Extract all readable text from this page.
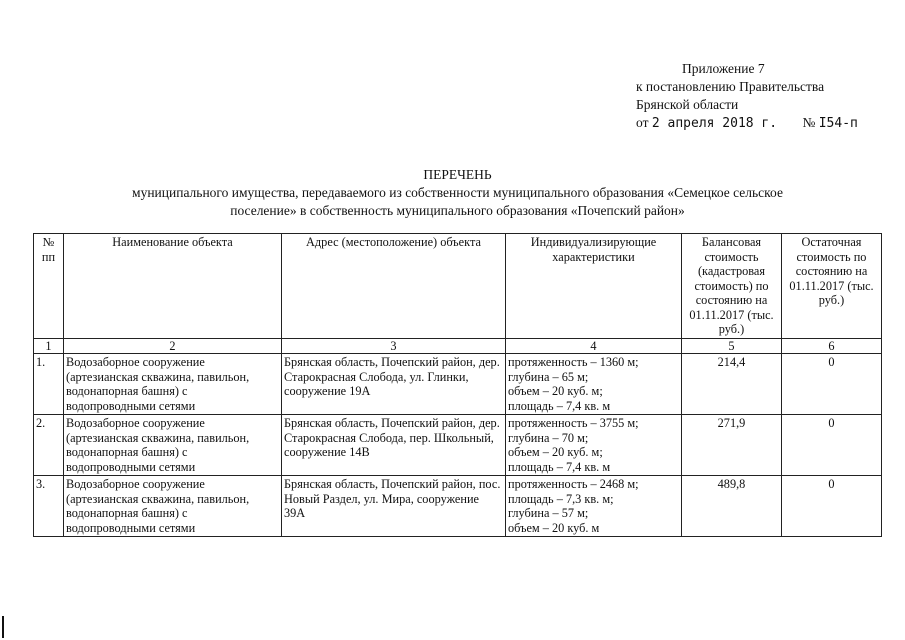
Приложение 7
к постановлению Правительства
Брянской области
от 2 апреля 2018 г. № I54-п
ПЕРЕЧЕНЬ
муниципального имущества, передаваемого из собственности муниципального образования «Семецкое сельское
поселение» в собственность муниципального образования «Почепский район»
№ пп	Наименование объекта	Адрес (местоположение) объекта	Индивидуализирующие характеристики	Балансовая стоимость (кадастровая стоимость) по состоянию на 01.11.2017 (тыс. руб.)	Остаточная стоимость по состоянию на 01.11.2017 (тыс. руб.)
1	2	3	4	5	6
1.	Водозаборное сооружение (артезианская скважина, павильон, водонапорная башня) с водопроводными сетями	Брянская область, Почепский район, дер. Старокрасная Слобода, ул. Глинки, сооружение 19А	протяженность – 1360 м;
глубина – 65 м;
объем – 20 куб. м;
площадь – 7,4 кв. м	214,4	0
2.	Водозаборное сооружение (артезианская скважина, павильон, водонапорная башня) с водопроводными сетями	Брянская область, Почепский район, дер. Старокрасная Слобода, пер. Школьный, сооружение 14В	протяженность – 3755 м;
глубина – 70 м;
объем – 20 куб. м;
площадь – 7,4 кв. м	271,9	0
3.	Водозаборное сооружение (артезианская скважина, павильон, водонапорная башня) с водопроводными сетями	Брянская область, Почепский район, пос. Новый Раздел, ул. Мира, сооружение 39А	протяженность – 2468 м;
площадь – 7,3 кв. м;
глубина – 57 м;
объем – 20 куб. м	489,8	0
